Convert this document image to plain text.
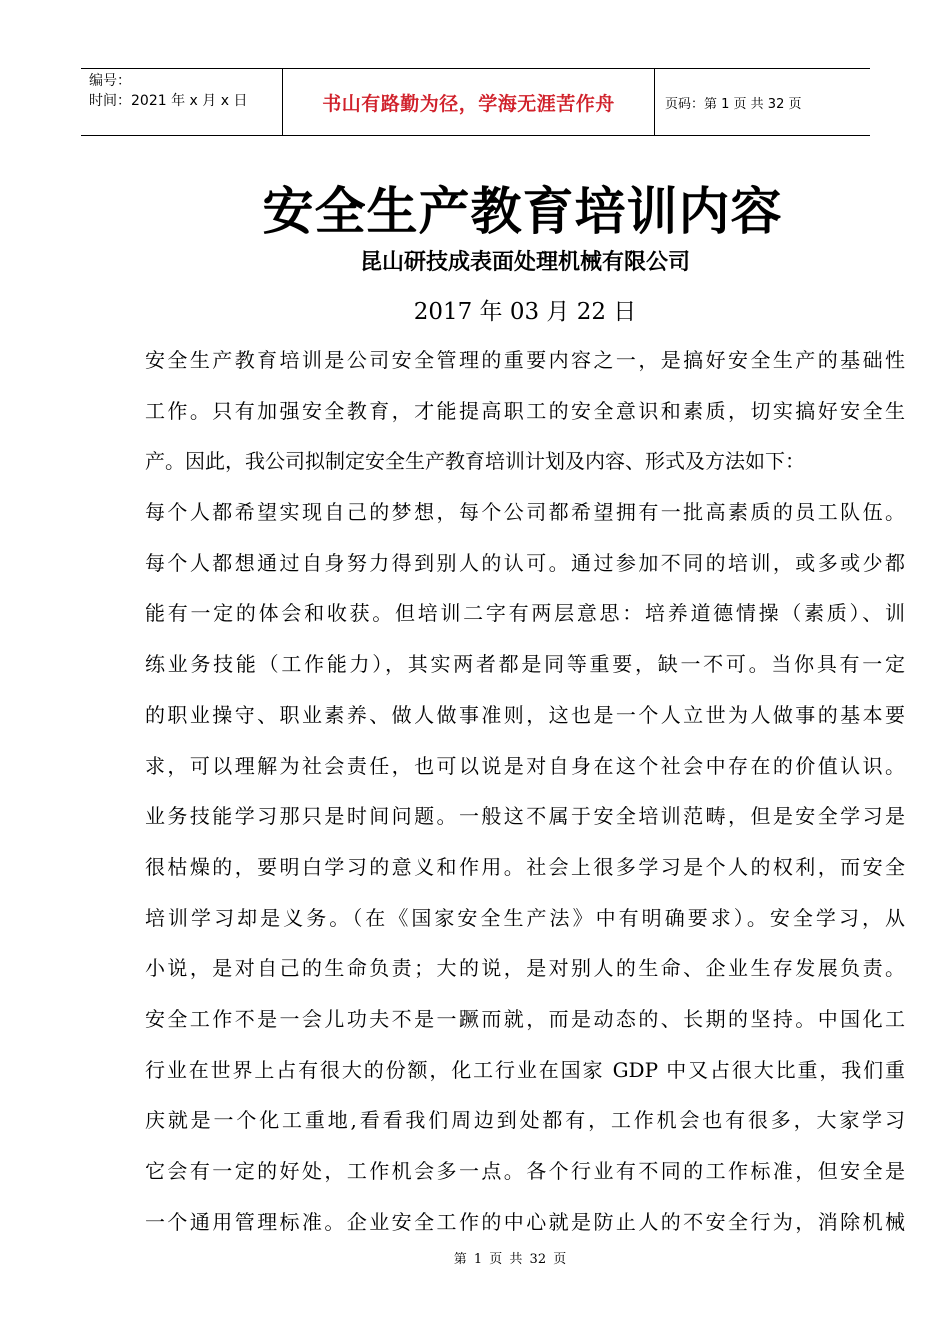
编号：
时间：2021 年 x 月 x 日	书山有路勤为径，学海无涯苦作舟	页码：第 1 页 共 32 页
安全生产教育培训内容
昆山研技成表面处理机械有限公司
2017 年 03 月 22 日
安全生产教育培训是公司安全管理的重要内容之一，是搞好安全生产的基础性
工作。只有加强安全教育，才能提高职工的安全意识和素质，切实搞好安全生
产。因此，我公司拟制定安全生产教育培训计划及内容、形式及方法如下：
每个人都希望实现自己的梦想，每个公司都希望拥有一批高素质的员工队伍。
每个人都想通过自身努力得到别人的认可。通过参加不同的培训，或多或少都
能有一定的体会和收获。但培训二字有两层意思：培养道德情操（素质）、训
练业务技能（工作能力），其实两者都是同等重要，缺一不可。当你具有一定
的职业操守、职业素养、做人做事准则，这也是一个人立世为人做事的基本要
求，可以理解为社会责任，也可以说是对自身在这个社会中存在的价值认识。
业务技能学习那只是时间问题。一般这不属于安全培训范畴，但是安全学习是
很枯燥的，要明白学习的意义和作用。社会上很多学习是个人的权利，而安全
培训学习却是义务。（在《国家安全生产法》中有明确要求）。安全学习，从
小说，是对自己的生命负责；大的说，是对别人的生命、企业生存发展负责。
安全工作不是一会儿功夫不是一蹶而就，而是动态的、长期的坚持。中国化工
行业在世界上占有很大的份额，化工行业在国家 GDP 中又占很大比重，我们重
庆就是一个化工重地,看看我们周边到处都有，工作机会也有很多，大家学习
它会有一定的好处，工作机会多一点。各个行业有不同的工作标准，但安全是
一个通用管理标准。企业安全工作的中心就是防止人的不安全行为，消除机械
第 1 页 共 32 页
